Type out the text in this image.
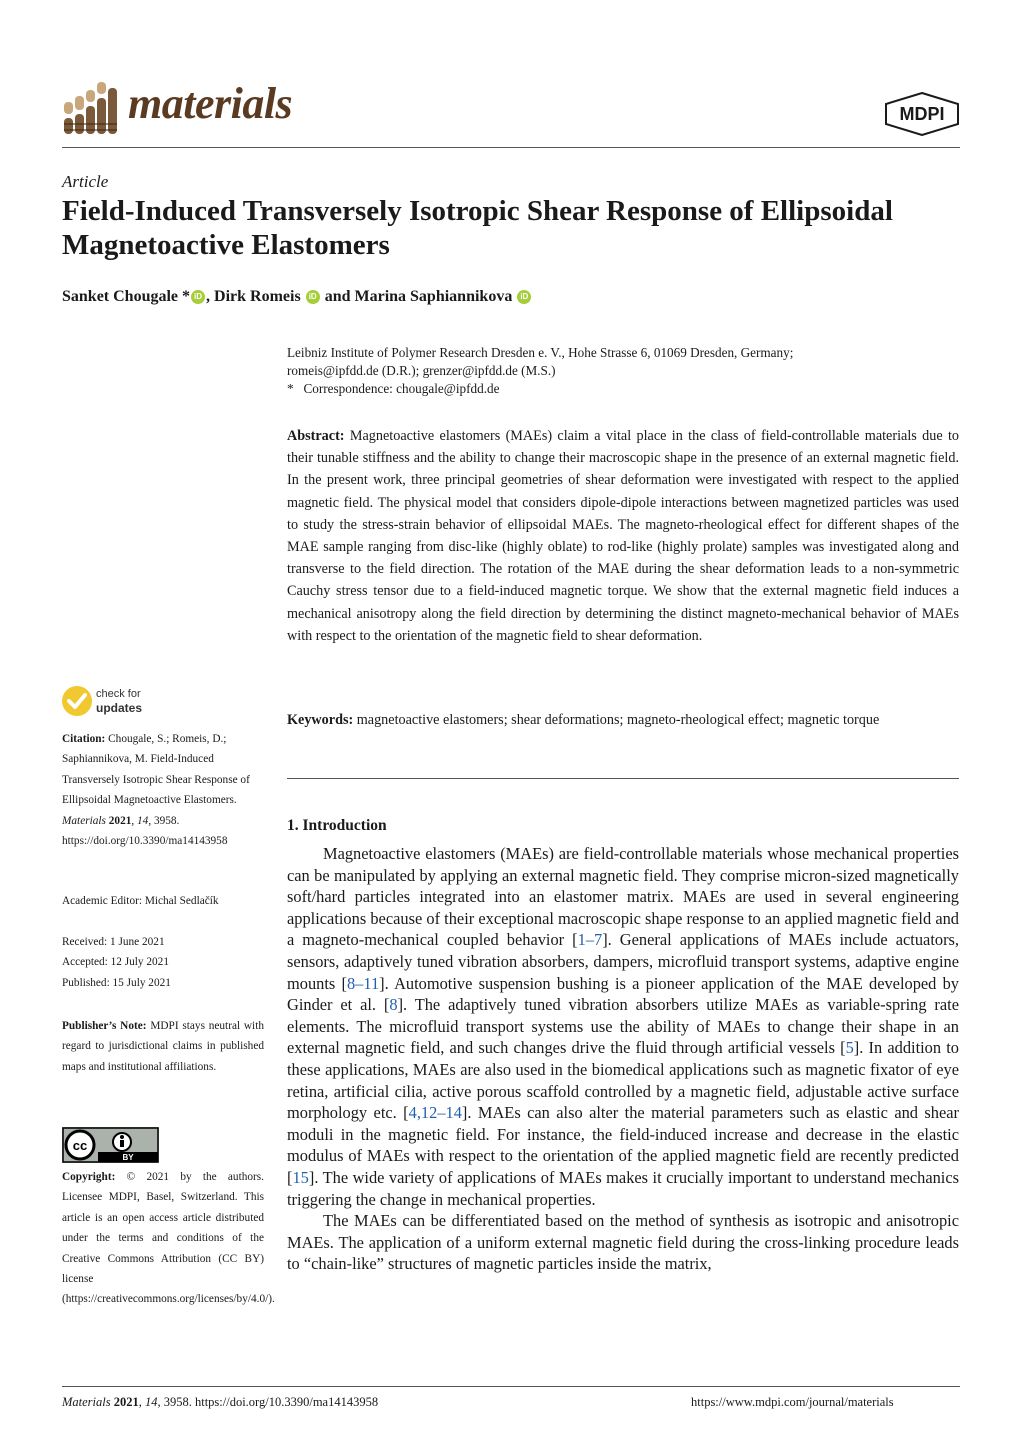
materials	MDPI
Article
Field-Induced Transversely Isotropic Shear Response of Ellipsoidal Magnetoactive Elastomers
Sanket Chougale * iD , Dirk Romeis iD and Marina Saphiannikova iD
Leibniz Institute of Polymer Research Dresden e. V., Hohe Strasse 6, 01069 Dresden, Germany;
romeis@ipfdd.de (D.R.); grenzer@ipfdd.de (M.S.)
* Correspondence: chougale@ipfdd.de
Abstract: Magnetoactive elastomers (MAEs) claim a vital place in the class of field-controllable materials due to their tunable stiffness and the ability to change their macroscopic shape in the presence of an external magnetic field. In the present work, three principal geometries of shear deformation were investigated with respect to the applied magnetic field. The physical model that considers dipole-dipole interactions between magnetized particles was used to study the stress-strain behavior of ellipsoidal MAEs. The magneto-rheological effect for different shapes of the MAE sample ranging from disc-like (highly oblate) to rod-like (highly prolate) samples was investigated along and transverse to the field direction. The rotation of the MAE during the shear deformation leads to a non-symmetric Cauchy stress tensor due to a field-induced magnetic torque. We show that the external magnetic field induces a mechanical anisotropy along the field direction by determining the distinct magneto-mechanical behavior of MAEs with respect to the orientation of the magnetic field to shear deformation.
Keywords: magnetoactive elastomers; shear deformations; magneto-rheological effect; magnetic torque
check for
updates
Citation: Chougale, S.; Romeis, D.; Saphiannikova, M. Field-Induced Transversely Isotropic Shear Response of Ellipsoidal Magnetoactive Elastomers. Materials 2021, 14, 3958. https://doi.org/10.3390/ma14143958
Academic Editor: Michal Sedlačík
Received: 1 June 2021
Accepted: 12 July 2021
Published: 15 July 2021
Publisher’s Note: MDPI stays neutral with regard to jurisdictional claims in published maps and institutional affiliations.
cc
BY
Copyright: © 2021 by the authors. Licensee MDPI, Basel, Switzerland. This article is an open access article distributed under the terms and conditions of the Creative Commons Attribution (CC BY) license (https://creativecommons.org/licenses/by/4.0/).
1. Introduction

Magnetoactive elastomers (MAEs) are field-controllable materials whose mechanical properties can be manipulated by applying an external magnetic field. They comprise micron-sized magnetically soft/hard particles integrated into an elastomer matrix. MAEs are used in several engineering applications because of their exceptional macroscopic shape response to an applied magnetic field and a magneto-mechanical coupled behavior [1–7]. General applications of MAEs include actuators, sensors, adaptively tuned vibration absorbers, dampers, microfluid transport systems, adaptive engine mounts [8–11]. Automotive suspension bushing is a pioneer application of the MAE developed by Ginder et al. [8]. The adaptively tuned vibration absorbers utilize MAEs as variable-spring rate elements. The microfluid transport systems use the ability of MAEs to change their shape in an external magnetic field, and such changes drive the fluid through artificial vessels [5]. In addition to these applications, MAEs are also used in the biomedical applications such as magnetic fixator of eye retina, artificial cilia, active porous scaffold controlled by a magnetic field, adjustable active surface morphology etc. [4,12–14]. MAEs can also alter the material parameters such as elastic and shear moduli in the magnetic field. For instance, the field-induced increase and decrease in the elastic modulus of MAEs with respect to the orientation of the applied magnetic field are recently predicted [15]. The wide variety of applications of MAEs makes it crucially important to understand mechanics triggering the change in mechanical properties.

The MAEs can be differentiated based on the method of synthesis as isotropic and anisotropic MAEs. The application of a uniform external magnetic field during the cross-linking procedure leads to “chain-like” structures of magnetic particles inside the matrix,

Materials 2021, 14, 3958. https://doi.org/10.3390/ma14143958	https://www.mdpi.com/journal/materials
